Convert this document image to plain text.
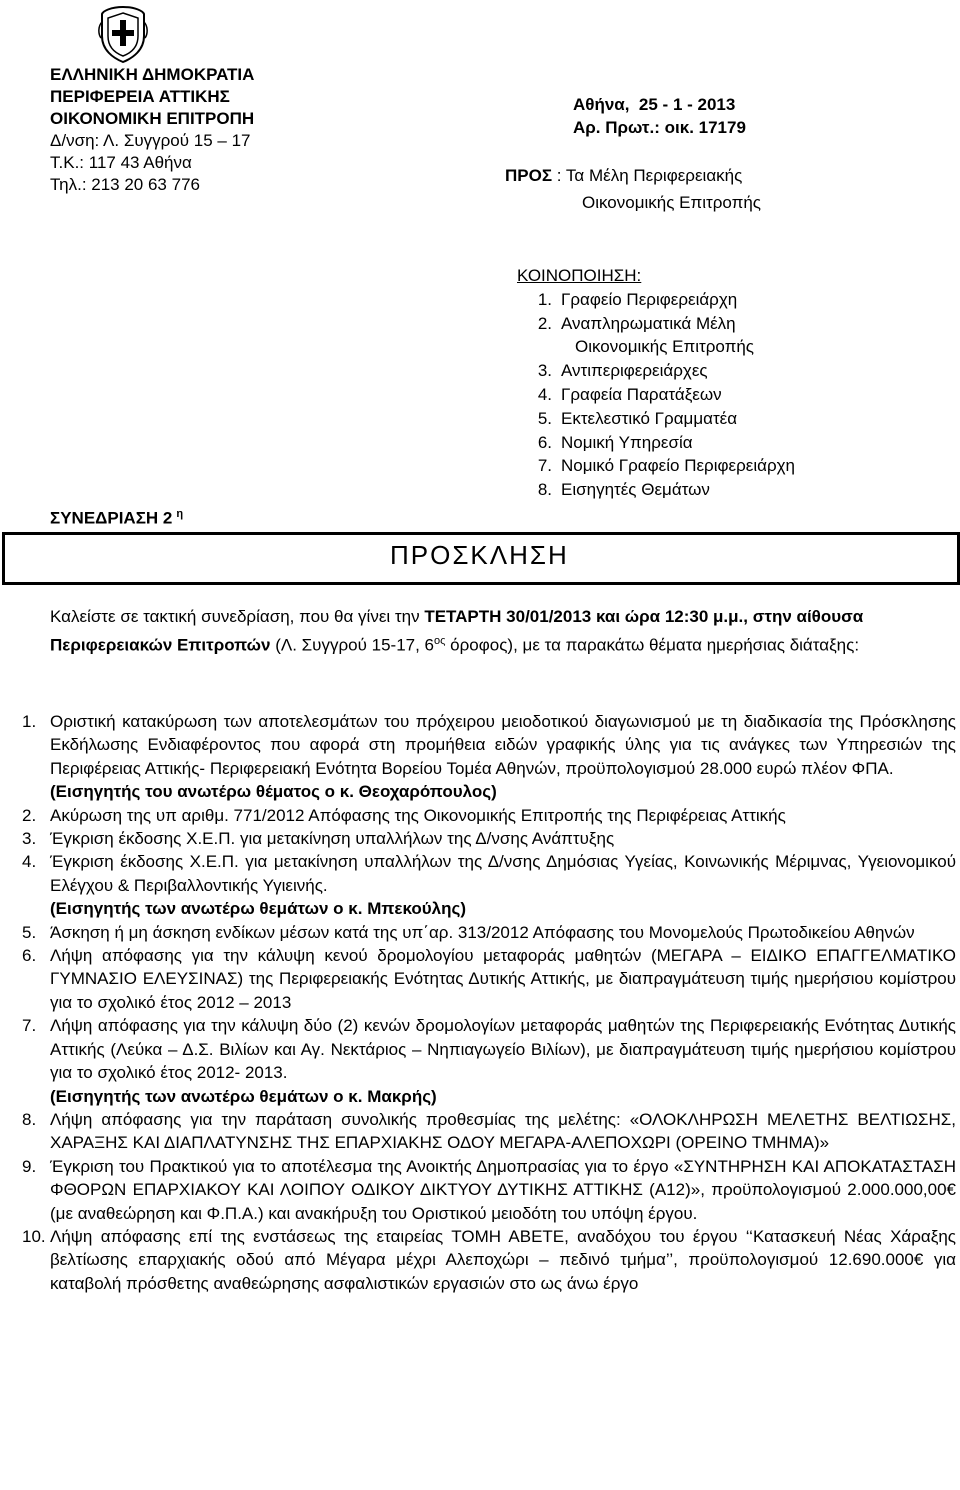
ΕΛΛΗΝΙΚΗ ΔΗΜΟΚΡΑΤΙΑ
ΠΕΡΙΦΕΡΕΙΑ ΑΤΤΙΚΗΣ
ΟΙΚΟΝΟΜΙΚΗ ΕΠΙΤΡΟΠΗ
Δ/νση: Λ. Συγγρού 15 – 17
Τ.Κ.: 117 43 Αθήνα
Τηλ.: 213 20 63 776
Αθήνα,  25 - 1 - 2013
Αρ. Πρωτ.: οικ. 17179
ΠΡΟΣ : Τα Μέλη Περιφερειακής
Οικονομικής Επιτροπής
ΚΟΙΝΟΠΟΙΗΣΗ:
1. Γραφείο Περιφερειάρχη
2. Αναπληρωματικά Μέλη
Οικονομικής Επιτροπής
3. Αντιπεριφερειάρχες
4. Γραφεία Παρατάξεων
5. Εκτελεστικό Γραμματέα
6. Νομική Υπηρεσία
7. Νομικό Γραφείο Περιφερειάρχη
8. Εισηγητές Θεμάτων
ΣΥΝΕΔΡΙΑΣΗ 2 $^\eta$
ΠΡΟΣΚΛΗΣΗ
Καλείστε σε τακτική συνεδρίαση, που θα γίνει την ΤΕΤΑΡΤΗ 30/01/2013 και ώρα 12:30 μ.μ., στην αίθουσα Περιφερειακών Επιτροπών (Λ. Συγγρού 15-17, $6^{o\varsigma}$ όροφος), με τα παρακάτω θέματα ημερήσιας διάταξης:
1. Οριστική κατακύρωση των αποτελεσμάτων του πρόχειρου μειοδοτικού διαγωνισμού με τη διαδικασία της Πρόσκλησης Εκδήλωσης Ενδιαφέροντος που αφορά στη προμήθεια ειδών γραφικής ύλης για τις ανάγκες των Υπηρεσιών της Περιφέρειας Αττικής- Περιφερειακή Ενότητα Βορείου Τομέα Αθηνών, προϋπολογισμού 28.000 ευρώ πλέον ΦΠΑ.
(Εισηγητής του ανωτέρω θέματος ο κ. Θεοχαρόπουλος)
2. Ακύρωση της υπ αριθμ. 771/2012 Απόφασης της Οικονομικής Επιτροπής της Περιφέρειας Αττικής
3. Έγκριση έκδοσης Χ.Ε.Π. για μετακίνηση υπαλλήλων της Δ/νσης Ανάπτυξης
4. Έγκριση έκδοσης Χ.Ε.Π. για μετακίνηση υπαλλήλων της Δ/νσης Δημόσιας Υγείας, Κοινωνικής Μέριμνας, Υγειονομικού Ελέγχου & Περιβαλλοντικής Υγιεινής.
(Εισηγητής των ανωτέρω θεμάτων ο κ. Μπεκούλης)
5. Άσκηση ή μη άσκηση ενδίκων μέσων κατά της υπ΄αρ. 313/2012 Απόφασης του Μονομελούς Πρωτοδικείου Αθηνών
6. Λήψη απόφασης για την κάλυψη κενού δρομολογίου μεταφοράς μαθητών (ΜΕΓΑΡΑ – ΕΙΔΙΚΟ ΕΠΑΓΓΕΛΜΑΤΙΚΟ ΓΥΜΝΑΣΙΟ ΕΛΕΥΣΙΝΑΣ) της Περιφερειακής Ενότητας Δυτικής Αττικής, με διαπραγμάτευση τιμής ημερήσιου κομίστρου για το σχολικό έτος 2012 – 2013
7. Λήψη απόφασης για την κάλυψη δύο (2) κενών δρομολογίων μεταφοράς μαθητών της Περιφερειακής Ενότητας Δυτικής Αττικής (Λεύκα – Δ.Σ. Βιλίων και Αγ. Νεκτάριος – Νηπιαγωγείο Βιλίων), με διαπραγμάτευση τιμής ημερήσιου κομίστρου για το σχολικό έτος 2012- 2013.
(Εισηγητής των ανωτέρω θεμάτων ο κ. Μακρής)
8. Λήψη απόφασης για την παράταση συνολικής προθεσμίας της μελέτης: «ΟΛΟΚΛΗΡΩΣΗ ΜΕΛΕΤΗΣ ΒΕΛΤΙΩΣΗΣ, ΧΑΡΑΞΗΣ ΚΑΙ ΔΙΑΠΛΑΤΥΝΣΗΣ ΤΗΣ ΕΠΑΡΧΙΑΚΗΣ ΟΔΟΥ ΜΕΓΑΡΑ-ΑΛΕΠΟΧΩΡΙ (ΟΡΕΙΝΟ ΤΜΗΜΑ)»
9. Έγκριση του Πρακτικού για το αποτέλεσμα της Ανοικτής Δημοπρασίας για το έργο «ΣΥΝΤΗΡΗΣΗ ΚΑΙ ΑΠΟΚΑΤΑΣΤΑΣΗ ΦΘΟΡΩΝ ΕΠΑΡΧΙΑΚΟΥ ΚΑΙ ΛΟΙΠΟΥ ΟΔΙΚΟΥ ΔΙΚΤΥΟΥ ΔΥΤΙΚΗΣ ΑΤΤΙΚΗΣ (Α12)», προϋπολογισμού 2.000.000,00€ (με αναθεώρηση και Φ.Π.Α.) και ανακήρυξη του Οριστικού μειοδότη του υπόψη έργου.
10. Λήψη απόφασης επί της ενστάσεως της εταιρείας ΤΟΜΗ ΑΒΕΤΕ, αναδόχου του έργου ‘‘Κατασκευή Νέας Χάραξης βελτίωσης επαρχιακής οδού από Μέγαρα μέχρι Αλεποχώρι – πεδινό τμήμα’’, προϋπολογισμού 12.690.000€ για καταβολή πρόσθετης αναθεώρησης ασφαλιστικών εργασιών στο ως άνω έργο
